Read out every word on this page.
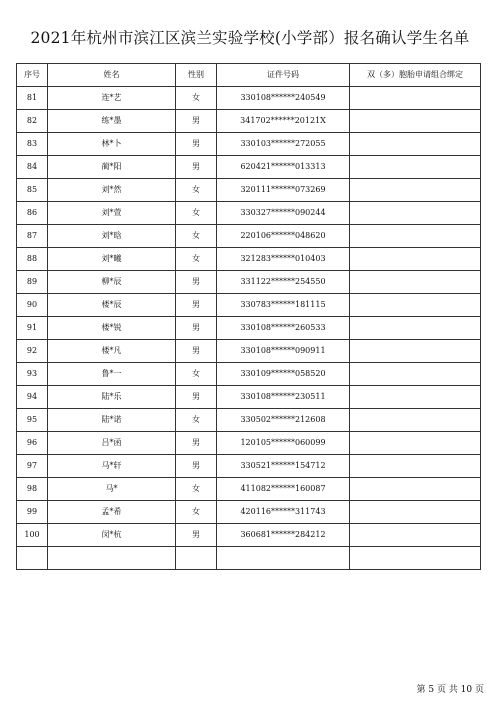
2021年杭州市滨江区滨兰实验学校(小学部）报名确认学生名单
序号	姓名	性别	证件号码	双（多）胞胎申请组合绑定
81	连*艺	女	330108******240549	
82	练*墨	男	341702******20121X	
83	林*卜	男	330103******272055	
84	蔺*阳	男	620421******013313	
85	刘*然	女	320111******073269	
86	刘*萱	女	330327******090244	
87	刘*晗	女	220106******048620	
88	刘*曦	女	321283******010403	
89	柳*辰	男	331122******254550	
90	楼*辰	男	330783******181115	
91	楼*锐	男	330108******260533	
92	楼*凡	男	330108******090911	
93	鲁*一	女	330109******058520	
94	陆*乐	男	330108******230511	
95	陆*诺	女	330502******212608	
96	吕*函	男	120105******060099	
97	马*轩	男	330521******154712	
98	马*	女	411082******160087	
99	孟*希	女	420116******311743	
100	闵*杭	男	360681******284212	

第 5 页 共 10 页
